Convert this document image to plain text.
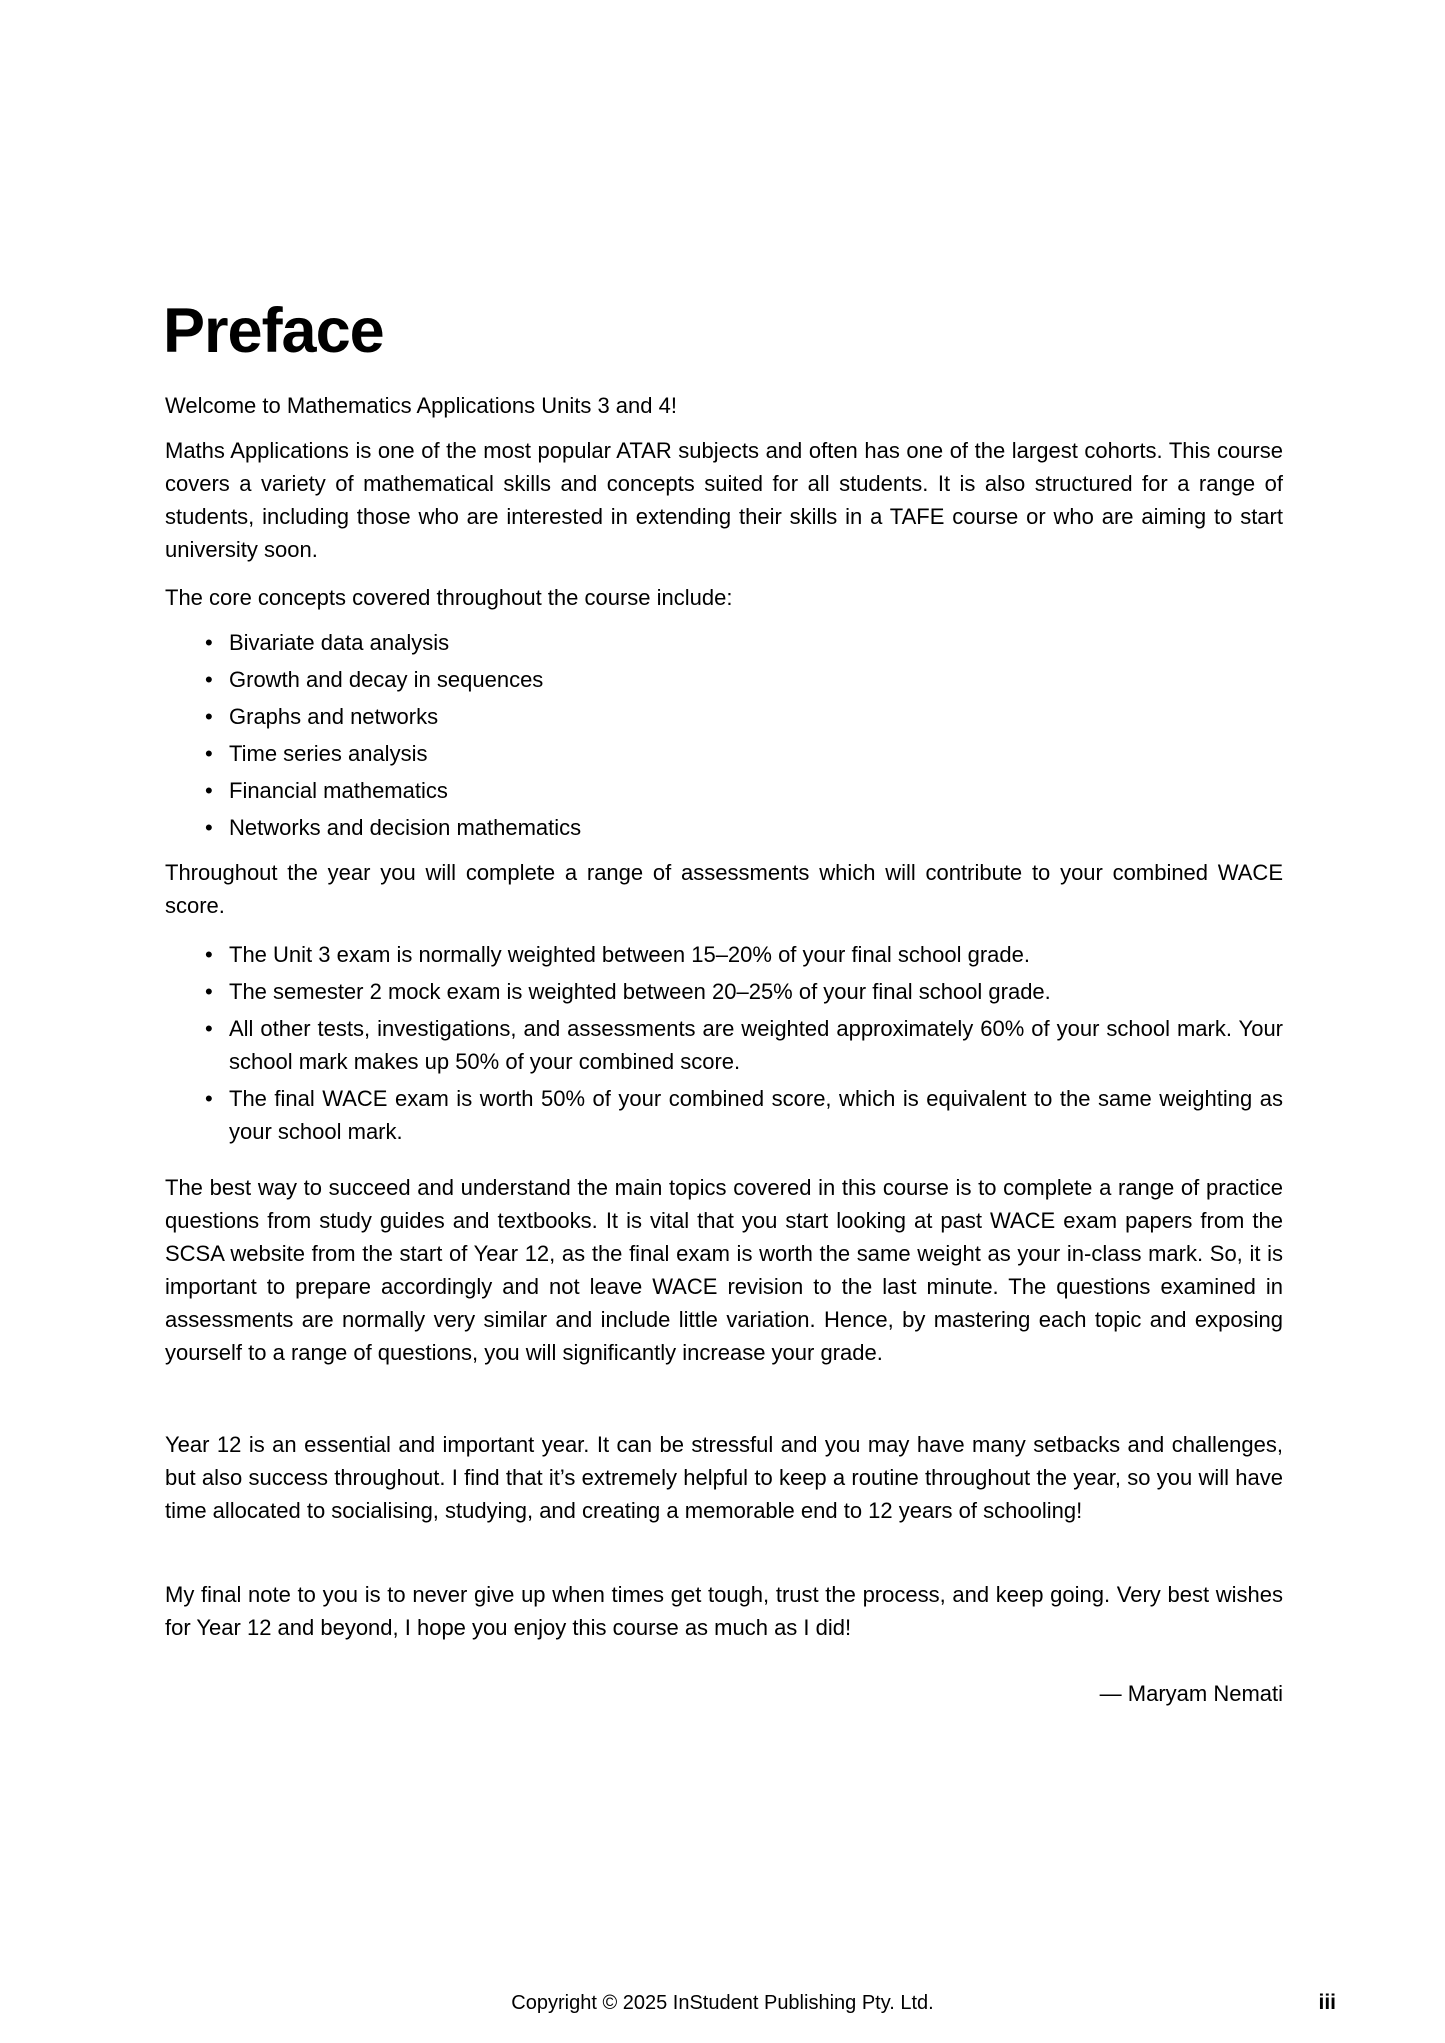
Preface

Welcome to Mathematics Applications Units 3 and 4!

Maths Applications is one of the most popular ATAR subjects and often has one of the largest cohorts. This course covers a variety of mathematical skills and concepts suited for all students. It is also structured for a range of students, including those who are interested in extending their skills in a TAFE course or who are aiming to start university soon.

The core concepts covered throughout the course include:

• Bivariate data analysis
• Growth and decay in sequences
• Graphs and networks
• Time series analysis
• Financial mathematics
• Networks and decision mathematics

Throughout the year you will complete a range of assessments which will contribute to your combined WACE score.

• The Unit 3 exam is normally weighted between 15–20% of your final school grade.
• The semester 2 mock exam is weighted between 20–25% of your final school grade.
• All other tests, investigations, and assessments are weighted approximately 60% of your school mark. Your school mark makes up 50% of your combined score.
• The final WACE exam is worth 50% of your combined score, which is equivalent to the same weighting as your school mark.

The best way to succeed and understand the main topics covered in this course is to complete a range of practice questions from study guides and textbooks. It is vital that you start looking at past WACE exam papers from the SCSA website from the start of Year 12, as the final exam is worth the same weight as your in-class mark. So, it is important to prepare accordingly and not leave WACE revision to the last minute. The questions examined in assessments are normally very similar and include little variation. Hence, by mastering each topic and exposing yourself to a range of questions, you will significantly increase your grade.

Year 12 is an essential and important year. It can be stressful and you may have many setbacks and challenges, but also success throughout. I find that it’s extremely helpful to keep a routine throughout the year, so you will have time allocated to socialising, studying, and creating a memorable end to 12 years of schooling!

My final note to you is to never give up when times get tough, trust the process, and keep going. Very best wishes for Year 12 and beyond, I hope you enjoy this course as much as I did!

— Maryam Nemati

Copyright © 2025 InStudent Publishing Pty. Ltd.	iii
